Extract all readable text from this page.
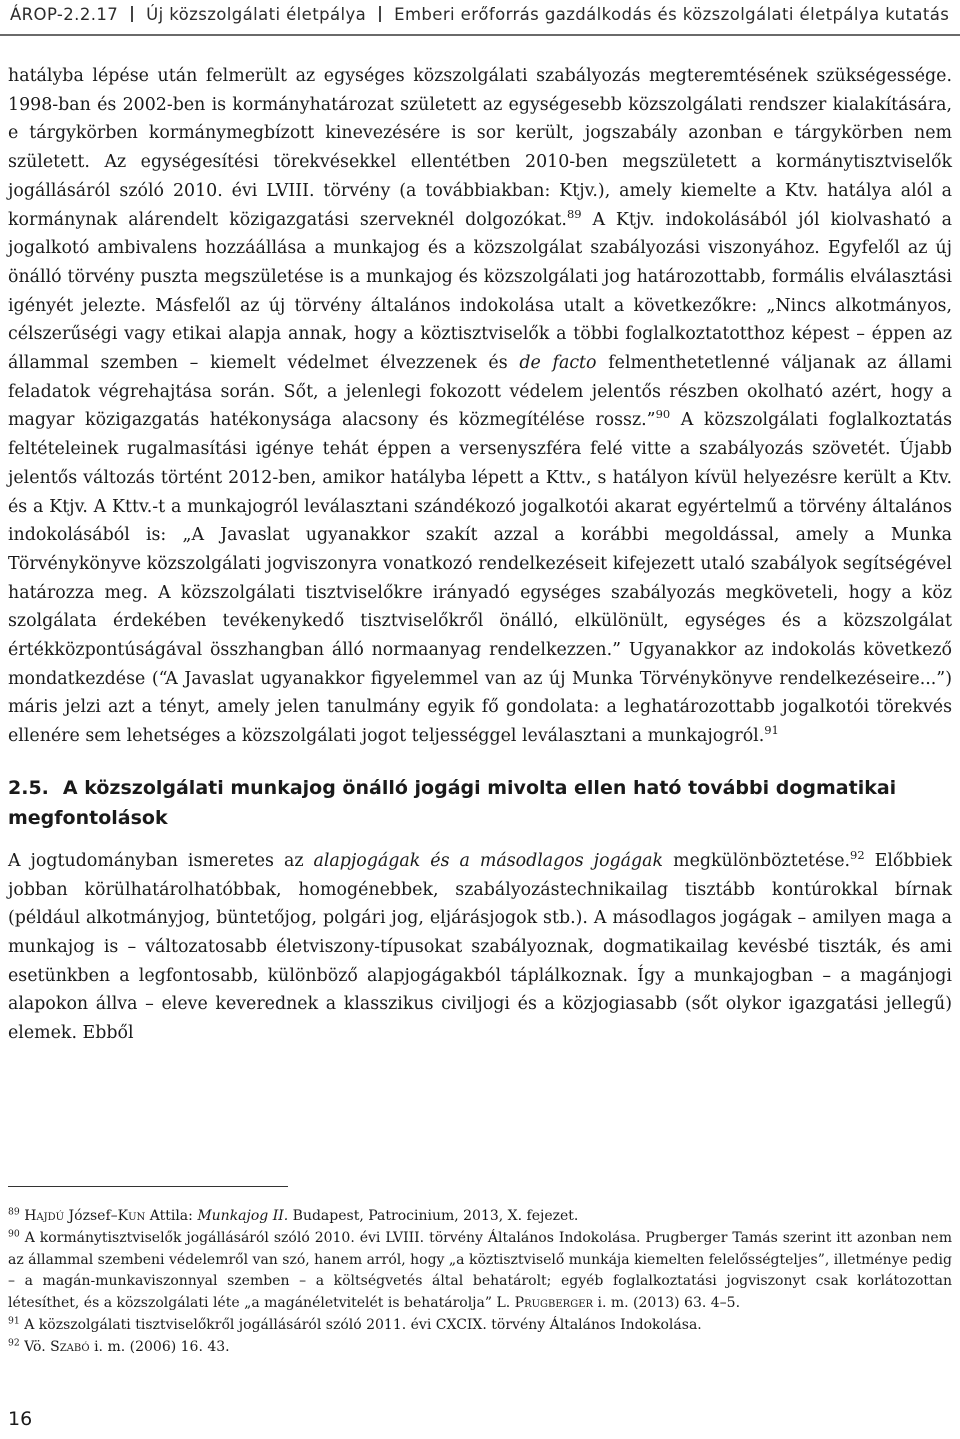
ÁROP-2.2.17 Új közszolgálati életpálya Emberi erőforrás gazdálkodás és közszolgálati életpálya kutatás

hatályba lépése után felmerült az egységes közszolgálati szabályozás megteremtésének szükségessége. 1998-ban és 2002-ben is kormányhatározat született az egységesebb közszolgálati rendszer kialakítására, e tárgykörben kormánymegbízott kinevezésére is sor került, jogszabály azonban e tárgykörben nem született. Az egységesítési törekvésekkel ellentétben 2010-ben megszületett a kormánytisztviselők jogállásáról szóló 2010. évi LVIII. törvény (a továbbiakban: Ktjv.), amely kiemelte a Ktv. hatálya alól a kormánynak alárendelt közigazgatási szerveknél dolgozókat.$^{89}$ A Ktjv. indokolásából jól kiolvasható a jogalkotó ambivalens hozzáállása a munkajog és a közszolgálat szabályozási viszonyához. Egyfelől az új önálló törvény puszta megszületése is a munkajog és közszolgálati jog határozottabb, formális elválasztási igényét jelezte. Másfelől az új törvény általános indokolása utalt a következőkre: „Nincs alkotmányos, célszerűségi vagy etikai alapja annak, hogy a köztisztviselők a többi foglalkoztatotthoz képest – éppen az állammal szemben – kiemelt védelmet élvezzenek és de facto felmenthetetlenné váljanak az állami feladatok végrehajtása során. Sőt, a jelenlegi fokozott védelem jelentős részben okolható azért, hogy a magyar közigazgatás hatékonysága alacsony és közmegítélése rossz.”$^{90}$ A közszolgálati foglalkoztatás feltételeinek rugalmasítási igénye tehát éppen a versenyszféra felé vitte a szabályozás szövetét. Újabb jelentős változás történt 2012-ben, amikor hatályba lépett a Kttv., s hatályon kívül helyezésre került a Ktv. és a Ktjv. A Kttv.-t a munkajogról leválasztani szándékozó jogalkotói akarat egyértelmű a törvény általános indokolásából is: „A Javaslat ugyanakkor szakít azzal a korábbi megoldással, amely a Munka Törvénykönyve közszolgálati jogviszonyra vonatkozó rendelkezéseit kifejezett utaló szabályok segítségével határozza meg. A közszolgálati tisztviselőkre irányadó egységes szabályozás megköveteli, hogy a köz szolgálata érdekében tevékenykedő tisztviselőkről önálló, elkülönült, egységes és a közszolgálat értékközpontúságával összhangban álló normaanyag rendelkezzen.” Ugyanakkor az indokolás következő mondatkezdése (“A Javaslat ugyanakkor figyelemmel van az új Munka Törvénykönyve rendelkezéseire...”) máris jelzi azt a tényt, amely jelen tanulmány egyik fő gondolata: a leghatározottabb jogalkotói törekvés ellenére sem lehetséges a közszolgálati jogot teljességgel leválasztani a munkajogról.$^{91}$

2.5. A közszolgálati munkajog önálló jogági mivolta ellen ható további dogmatikai megfontolások

A jogtudományban ismeretes az alapjogágak és a másodlagos jogágak megkülönböztetése.$^{92}$ Előbbiek jobban körülhatárolhatóbbak, homogénebbek, szabályozástechnikailag tisztább kontúrokkal bírnak (például alkotmányjog, büntetőjog, polgári jog, eljárásjogok stb.). A másodlagos jogágak – amilyen maga a munkajog is – változatosabb életviszony-típusokat szabályoznak, dogmatikailag kevésbé tiszták, és ami esetünkben a legfontosabb, különböző alapjogágakból táplálkoznak. Így a munkajogban – a magánjogi alapokon állva – eleve keverednek a klasszikus civiljogi és a közjogiasabb (sőt olykor igazgatási jellegű) elemek. Ebből

$^{89}$ Hajdú József–Kun Attila: Munkajog II. Budapest, Patrocinium, 2013, X. fejezet.

$^{90}$ A kormánytisztviselők jogállásáról szóló 2010. évi LVIII. törvény Általános Indokolása. Prugberger Tamás szerint itt azonban nem az állammal szembeni védelemről van szó, hanem arról, hogy „a köztisztviselő munkája kiemelten felelősségteljes”, illetménye pedig – a magán-munkaviszonnyal szemben – a költségvetés által behatárolt; egyéb foglalkoztatási jogviszonyt csak korlátozottan létesíthet, és a közszolgálati léte „a magánéletvitelét is behatárolja” L. Prugberger i. m. (2013) 63. 4–5.

$^{91}$ A közszolgálati tisztviselőkről jogállásáról szóló 2011. évi CXCIX. törvény Általános Indokolása.

$^{92}$ Vö. Szabó i. m. (2006) 16. 43.

16
